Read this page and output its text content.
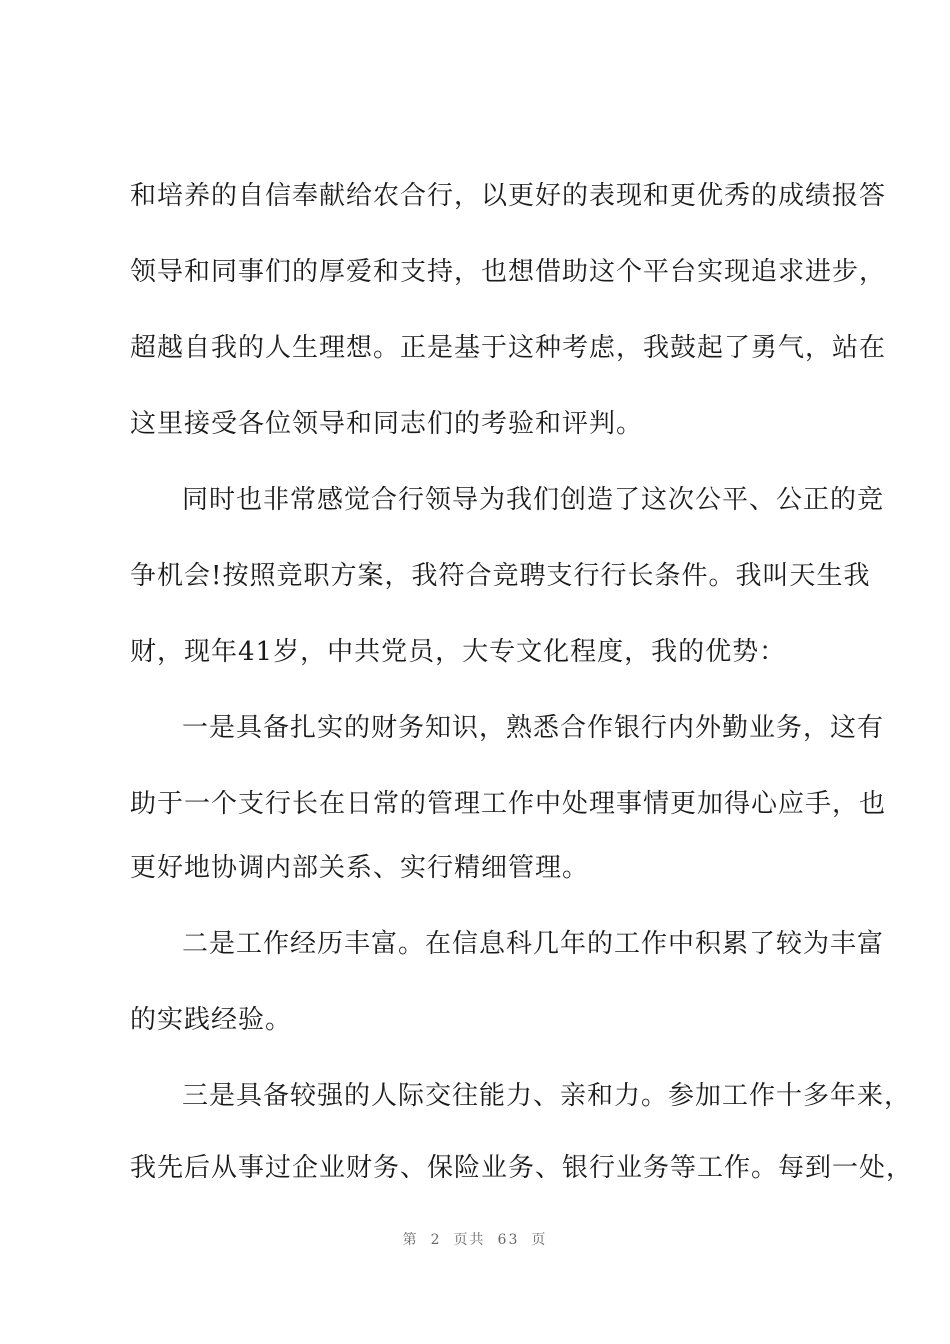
和培养的自信奉献给农合行，以更好的表现和更优秀的成绩报答
领导和同事们的厚爱和支持，也想借助这个平台实现追求进步，
超越自我的人生理想。正是基于这种考虑，我鼓起了勇气，站在
这里接受各位领导和同志们的考验和评判。
同时也非常感觉合行领导为我们创造了这次公平、公正的竞
争机会!按照竞职方案，我符合竞聘支行行长条件。我叫天生我
财，现年41岁，中共党员，大专文化程度，我的优势：
一是具备扎实的财务知识，熟悉合作银行内外勤业务，这有
助于一个支行长在日常的管理工作中处理事情更加得心应手，也
更好地协调内部关系、实行精细管理。
二是工作经历丰富。在信息科几年的工作中积累了较为丰富
的实践经验。
三是具备较强的人际交往能力、亲和力。参加工作十多年来，
我先后从事过企业财务、保险业务、银行业务等工作。每到一处，
第 2 页共 63 页
